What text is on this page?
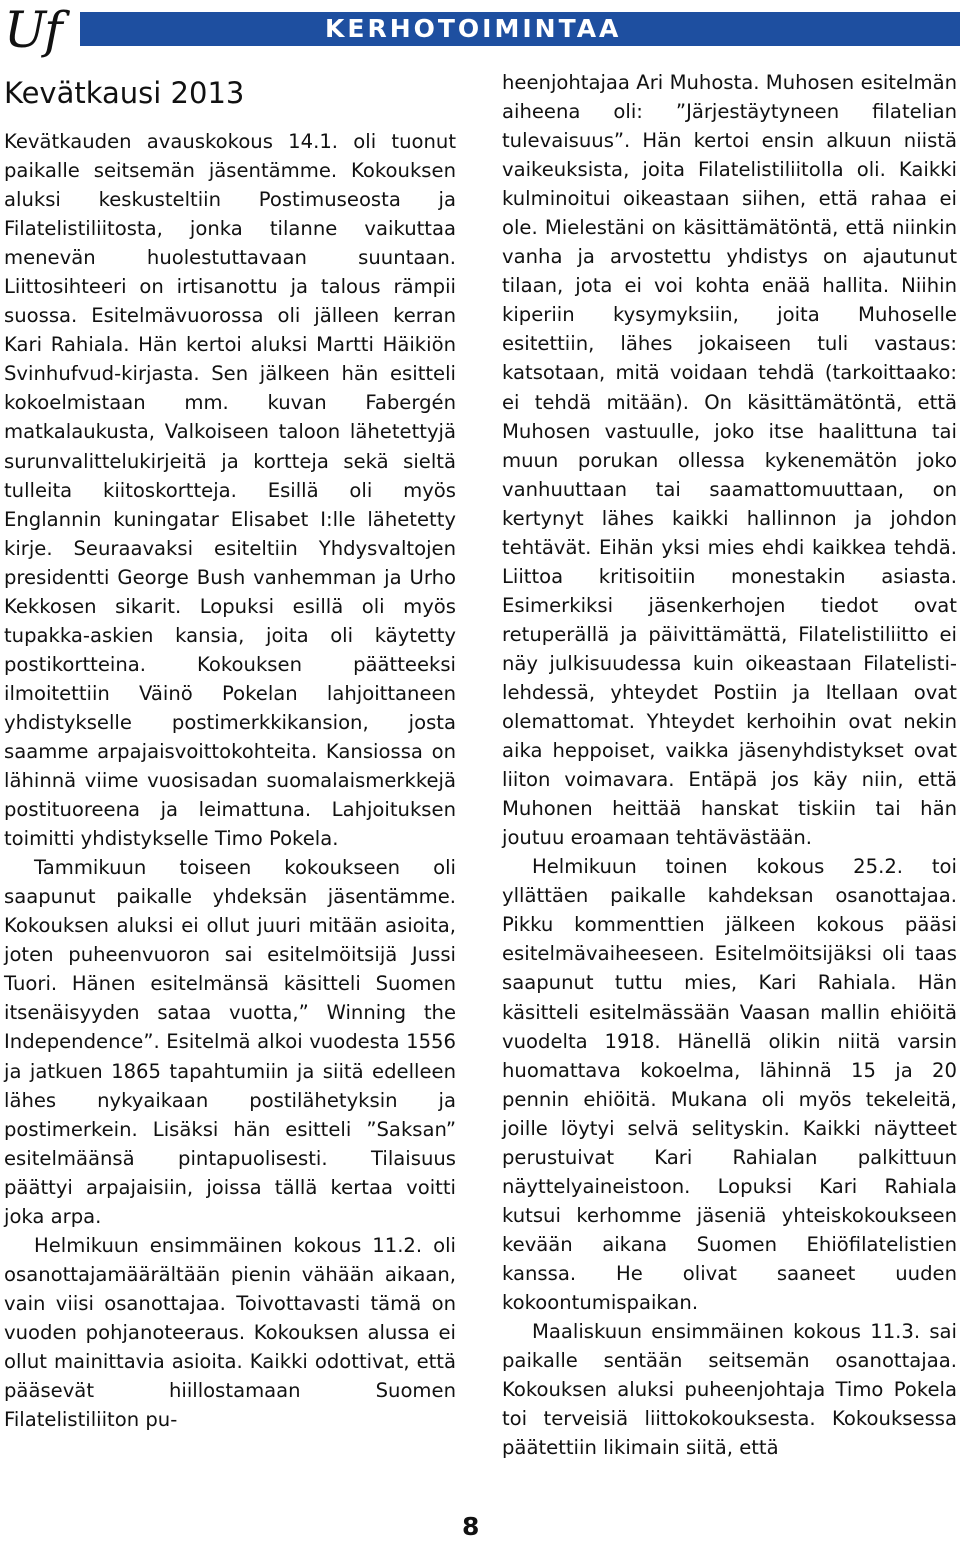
Uf	KERHOTOIMINTAA
Kevätkausi 2013

Kevätkauden avauskokous 14.1. oli tuonut paikalle seitsemän jäsentämme. Kokouksen aluksi keskusteltiin Postimuseosta ja Filatelistiliitosta, jonka tilanne vaikuttaa menevän huolestuttavaan suuntaan. Liittosihteeri on irtisanottu ja talous rämpii suossa. Esitelmävuorossa oli jälleen kerran Kari Rahiala. Hän kertoi aluksi Martti Häikiön Svinhufvud-kirjasta. Sen jälkeen hän esitteli kokoelmistaan mm. kuvan Fabergén matkalaukusta, Valkoiseen taloon lähetettyjä surunvalittelukirjeitä ja kortteja sekä sieltä tulleita kiitoskortteja. Esillä oli myös Englannin kuningatar Elisabet I:lle lähetetty kirje. Seuraavaksi esiteltiin Yhdysvaltojen presidentti George Bush vanhemman ja Urho Kekkosen sikarit. Lopuksi esillä oli myös tupakka-askien kansia, joita oli käytetty postikortteina. Kokouksen päätteeksi ilmoitettiin Väinö Pokelan lahjoittaneen yhdistykselle postimerkkikansion, josta saamme arpajaisvoittokohteita. Kansiossa on lähinnä viime vuosisadan suomalaismerkkejä postituoreena ja leimattuna. Lahjoituksen toimitti yhdistykselle Timo Pokela.

Tammikuun toiseen kokoukseen oli saapunut paikalle yhdeksän jäsentämme. Kokouksen aluksi ei ollut juuri mitään asioita, joten puheenvuoron sai esitelmöitsijä Jussi Tuori. Hänen esitelmänsä käsitteli Suomen itsenäisyyden sataa vuotta,” Winning the Independence”. Esitelmä alkoi vuodesta 1556 ja jatkuen 1865 tapahtumiin ja siitä edelleen lähes nykyaikaan postilähetyksin ja postimerkein. Lisäksi hän esitteli ”Saksan” esitelmäänsä pintapuolisesti. Tilaisuus päättyi arpajaisiin, joissa tällä kertaa voitti joka arpa.

Helmikuun ensimmäinen kokous 11.2. oli osanottajamäärältään pienin vähään aikaan, vain viisi osanottajaa. Toivottavasti tämä on vuoden pohjanoteeraus. Kokouksen alussa ei ollut mainittavia asioita. Kaikki odottivat, että pääsevät hiillostamaan Suomen Filatelistiliiton pu-

heenjohtajaa Ari Muhosta. Muhosen esitelmän aiheena oli: ”Järjestäytyneen filatelian tulevaisuus”. Hän kertoi ensin alkuun niistä vaikeuksista, joita Filatelistiliitolla oli. Kaikki kulminoitui oikeastaan siihen, että rahaa ei ole. Mielestäni on käsittämätöntä, että niinkin vanha ja arvostettu yhdistys on ajautunut tilaan, jota ei voi kohta enää hallita. Niihin kiperiin kysymyksiin, joita Muhoselle esitettiin, lähes jokaiseen tuli vastaus: katsotaan, mitä voidaan tehdä (tarkoittaako: ei tehdä mitään). On käsittämätöntä, että Muhosen vastuulle, joko itse haalittuna tai muun porukan ollessa kykenemätön joko vanhuuttaan tai saamattomuuttaan, on kertynyt lähes kaikki hallinnon ja johdon tehtävät. Eihän yksi mies ehdi kaikkea tehdä. Liittoa kritisoitiin monestakin asiasta. Esimerkiksi jäsenkerhojen tiedot ovat retuperällä ja päivittämättä, Filatelistiliitto ei näy julkisuudessa kuin oikeastaan Filatelisti-lehdessä, yhteydet Postiin ja Itellaan ovat olemattomat. Yhteydet kerhoihin ovat nekin aika heppoiset, vaikka jäsenyhdistykset ovat liiton voimavara. Entäpä jos käy niin, että Muhonen heittää hanskat tiskiin tai hän joutuu eroamaan tehtävästään.

Helmikuun toinen kokous 25.2. toi yllättäen paikalle kahdeksan osanottajaa. Pikku kommenttien jälkeen kokous pääsi esitelmävaiheeseen. Esitelmöitsijäksi oli taas saapunut tuttu mies, Kari Rahiala. Hän käsitteli esitelmässään Vaasan mallin ehiöitä vuodelta 1918. Hänellä olikin niitä varsin huomattava kokoelma, lähinnä 15 ja 20 pennin ehiöitä. Mukana oli myös tekeleitä, joille löytyi selvä selityskin. Kaikki näytteet perustuivat Kari Rahialan palkittuun näyttelyaineistoon. Lopuksi Kari Rahiala kutsui kerhomme jäseniä yhteiskokoukseen kevään aikana Suomen Ehiöfilatelistien kanssa. He olivat saaneet uuden kokoontumispaikan.

Maaliskuun ensimmäinen kokous 11.3. sai paikalle sentään seitsemän osanottajaa. Kokouksen aluksi puheenjohtaja Timo Pokela toi terveisiä liittokokouksesta. Kokouksessa päätettiin likimain siitä, että

8
